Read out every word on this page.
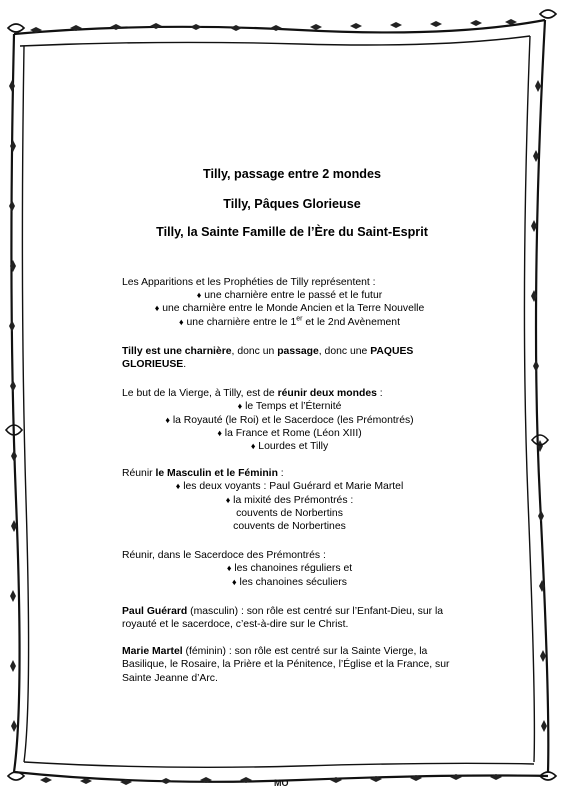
MO
Tilly, passage entre 2 mondes
Tilly, Pâques Glorieuse
Tilly, la Sainte Famille de l’Ère du Saint-Esprit
Les Apparitions et les Prophéties de Tilly représentent :
♦ une charnière entre le passé et le futur
♦ une charnière entre le Monde Ancien et la Terre Nouvelle
♦ une charnière entre le 1er et le 2nd Avènement
Tilly est une charnière, donc un passage, donc une PAQUES GLORIEUSE.
Le but de la Vierge, à Tilly, est de réunir deux mondes :
♦ le Temps et l’Éternité
♦ la Royauté (le Roi) et le Sacerdoce (les Prémontrés)
♦ la France et Rome (Léon XIII)
♦ Lourdes et Tilly
Réunir le Masculin et le Féminin :
♦ les deux voyants : Paul Guérard et Marie Martel
♦ la mixité des Prémontrés :
couvents de Norbertins
couvents de Norbertines
Réunir, dans le Sacerdoce des Prémontrés :
♦ les chanoines réguliers et
♦ les chanoines séculiers
Paul Guérard (masculin) : son rôle est centré sur l’Enfant-Dieu, sur la royauté et le sacerdoce, c’est-à-dire sur le Christ.
Marie Martel (féminin) : son rôle est centré sur la Sainte Vierge, la Basilique, le Rosaire, la Prière et la Pénitence, l’Église et la France, sur Sainte Jeanne d’Arc.
